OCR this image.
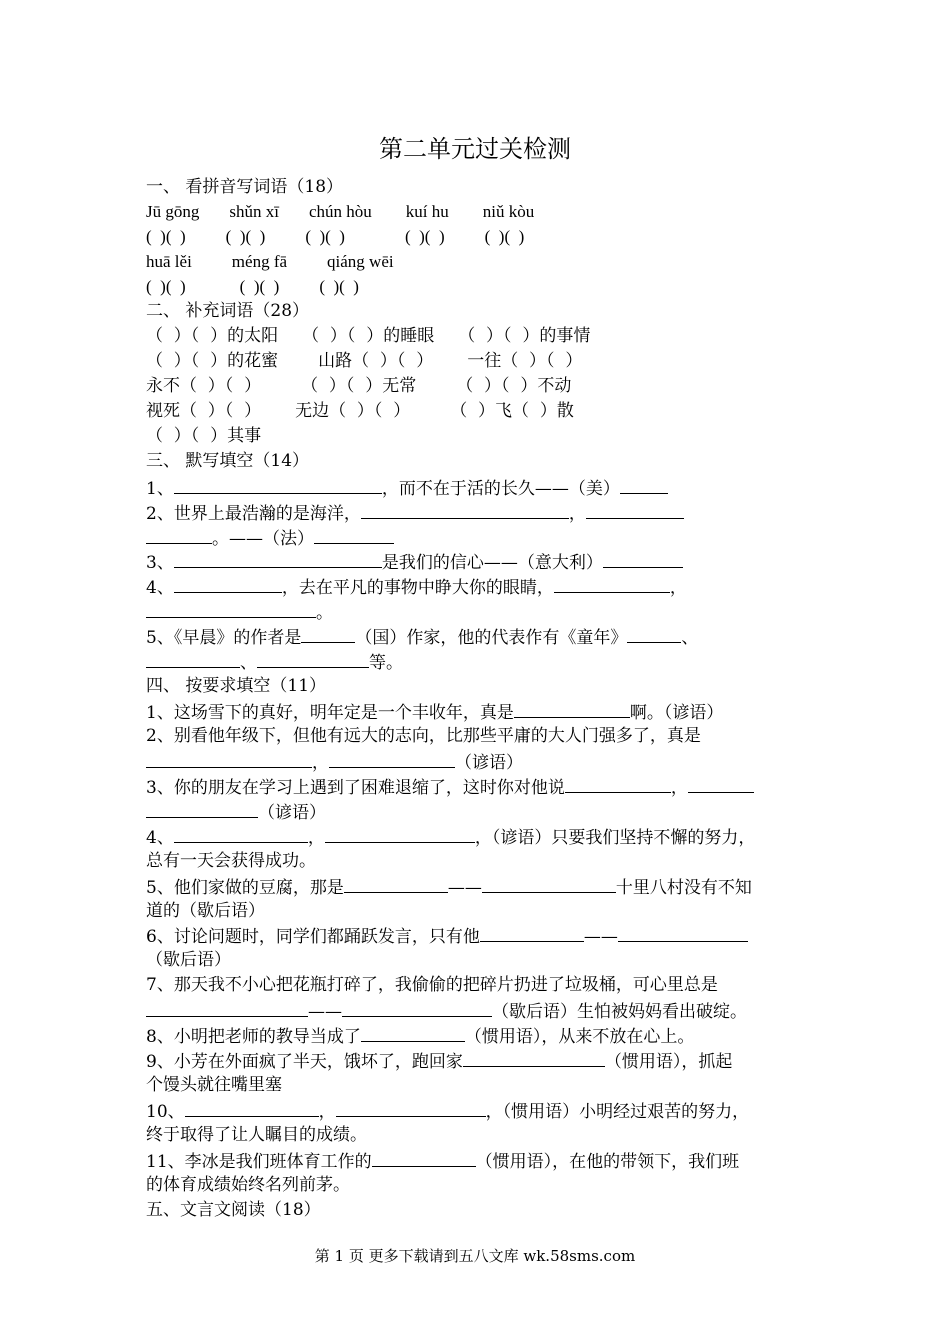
第二单元过关检测
一、 看拼音写词语（18）
Jū gōng shǔn xī chún hòu kuí hu niǔ kòu
(  )(  ) (  )(  ) (  )(  )	(  )(  ) (  )(  )
huā lěi méng fā qiáng wēi
(  )(  )	(  )(  ) (  )(  )
二、 补充词语（28）
（  ）（  ）的太阳 （  ）（  ）的睡眼 （  ）（  ）的事情
（  ）（  ）的花蜜 山路（  ）（  ） 一往（  ）（  ）
永不（  ）（  ） （  ）（  ）无常 （  ）（  ）不动
视死（  ）（  ） 无边（  ）（  ） （  ）飞（  ）散
（  ）（  ）其事
三、 默写填空（14）
1、	，而不在于活的长久——（美）
2、世界上最浩瀚的是海洋，	，
。——（法）
3、	是我们的信心——（意大利）
4、	，去在平凡的事物中睁大你的眼睛，	，
。
5、《早晨》的作者是	（国）作家，他的代表作有《童年》	、
、	等。
四、 按要求填空（11）
1、这场雪下的真好，明年定是一个丰收年，真是	啊。（谚语）
2、别看他年级下，但他有远大的志向，比那些平庸的大人门强多了，真是
，	（谚语）
3、你的朋友在学习上遇到了困难退缩了，这时你对他说	，
（谚语）
4、	，	，（谚语）只要我们坚持不懈的努力，
总有一天会获得成功。
5、他们家做的豆腐，那是	——	十里八村没有不知
道的（歇后语）
6、讨论问题时，同学们都踊跃发言，只有他	——
（歇后语）
7、那天我不小心把花瓶打碎了，我偷偷的把碎片扔进了垃圾桶，可心里总是
——	（歇后语）生怕被妈妈看出破绽。
8、小明把老师的教导当成了	（惯用语），从来不放在心上。
9、小芳在外面疯了半天，饿坏了，跑回家	（惯用语），抓起
个馒头就往嘴里塞
10、	，	，（惯用语）小明经过艰苦的努力，
终于取得了让人瞩目的成绩。
11、李冰是我们班体育工作的	（惯用语），在他的带领下，我们班
的体育成绩始终名列前茅。
五、文言文阅读（18）
第 1 页 更多下载请到五八文库 wk.58sms.com
